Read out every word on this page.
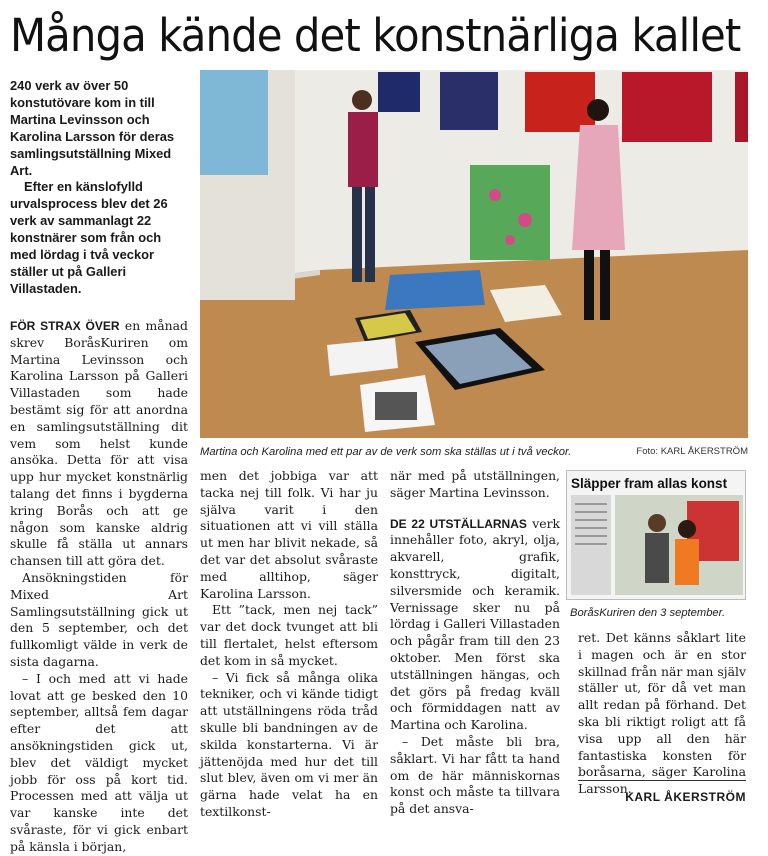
Många kände det konstnärliga kallet

240 verk av över 50 konstutövare kom in till Martina Levinsson och Karolina Larsson för deras samlingsutställning Mixed Art.

Efter en känslofylld urvalsprocess blev det 26 verk av sammanlagt 22 konstnärer som från och med lördag i två veckor ställer ut på Galleri Villastaden.

Martina och Karolina med ett par av de verk som ska ställas ut i två veckor.	Foto: KARL ÅKERSTRÖM

FÖR STRAX ÖVER en månad skrev BoråsKuriren om Martina Levinsson och Karolina Larsson på Galleri Villastaden som hade bestämt sig för att anordna en samlingsutställning dit vem som helst kunde ansöka. Detta för att visa upp hur mycket konstnärlig talang det finns i bygderna kring Borås och att ge någon som kanske aldrig skulle få ställa ut annars chansen till att göra det.

Ansökningstiden för Mixed Art Samlingsutställning gick ut den 5 september, och det fullkomligt välde in verk de sista dagarna.

– I och med att vi hade lovat att ge besked den 10 september, alltså fem dagar efter det att ansökningstiden gick ut, blev det väldigt mycket jobb för oss på kort tid. Processen med att välja ut var kanske inte det svåraste, för vi gick enbart på känsla i början,

men det jobbiga var att tacka nej till folk. Vi har ju själva varit i den situationen att vi vill ställa ut men har blivit nekade, så det var det absolut svåraste med alltihop, säger Karolina Larsson.

Ett ”tack, men nej tack” var det dock tvunget att bli till flertalet, helst eftersom det kom in så mycket.

– Vi fick så många olika tekniker, och vi kände tidigt att utställningens röda tråd skulle bli bandningen av de skilda konstarterna. Vi är jättenöjda med hur det till slut blev, även om vi mer än gärna hade velat ha en textilkonst-

när med på utställningen, säger Martina Levinsson.

DE 22 UTSTÄLLARNAS verk innehåller foto, akryl, olja, akvarell, grafik, konsttryck, digitalt, silversmide och keramik. Vernissage sker nu på lördag i Galleri Villastaden och pågår fram till den 23 oktober. Men först ska utställningen hängas, och det görs på fredag kväll och förmiddagen natt av Martina och Karolina.

– Det måste bli bra, såklart. Vi har fått ta hand om de här människornas konst och måste ta tillvara på det ansva-

Släpper fram allas konst
BoråsKuriren den 3 september.

ret. Det känns såklart lite i magen och är en stor skillnad från när man själv ställer ut, för då vet man allt redan på förhand. Det ska bli riktigt roligt att få visa upp all den här fantastiska konsten för boråsarna, säger Karolina Larsson.

KARL ÅKERSTRÖM
